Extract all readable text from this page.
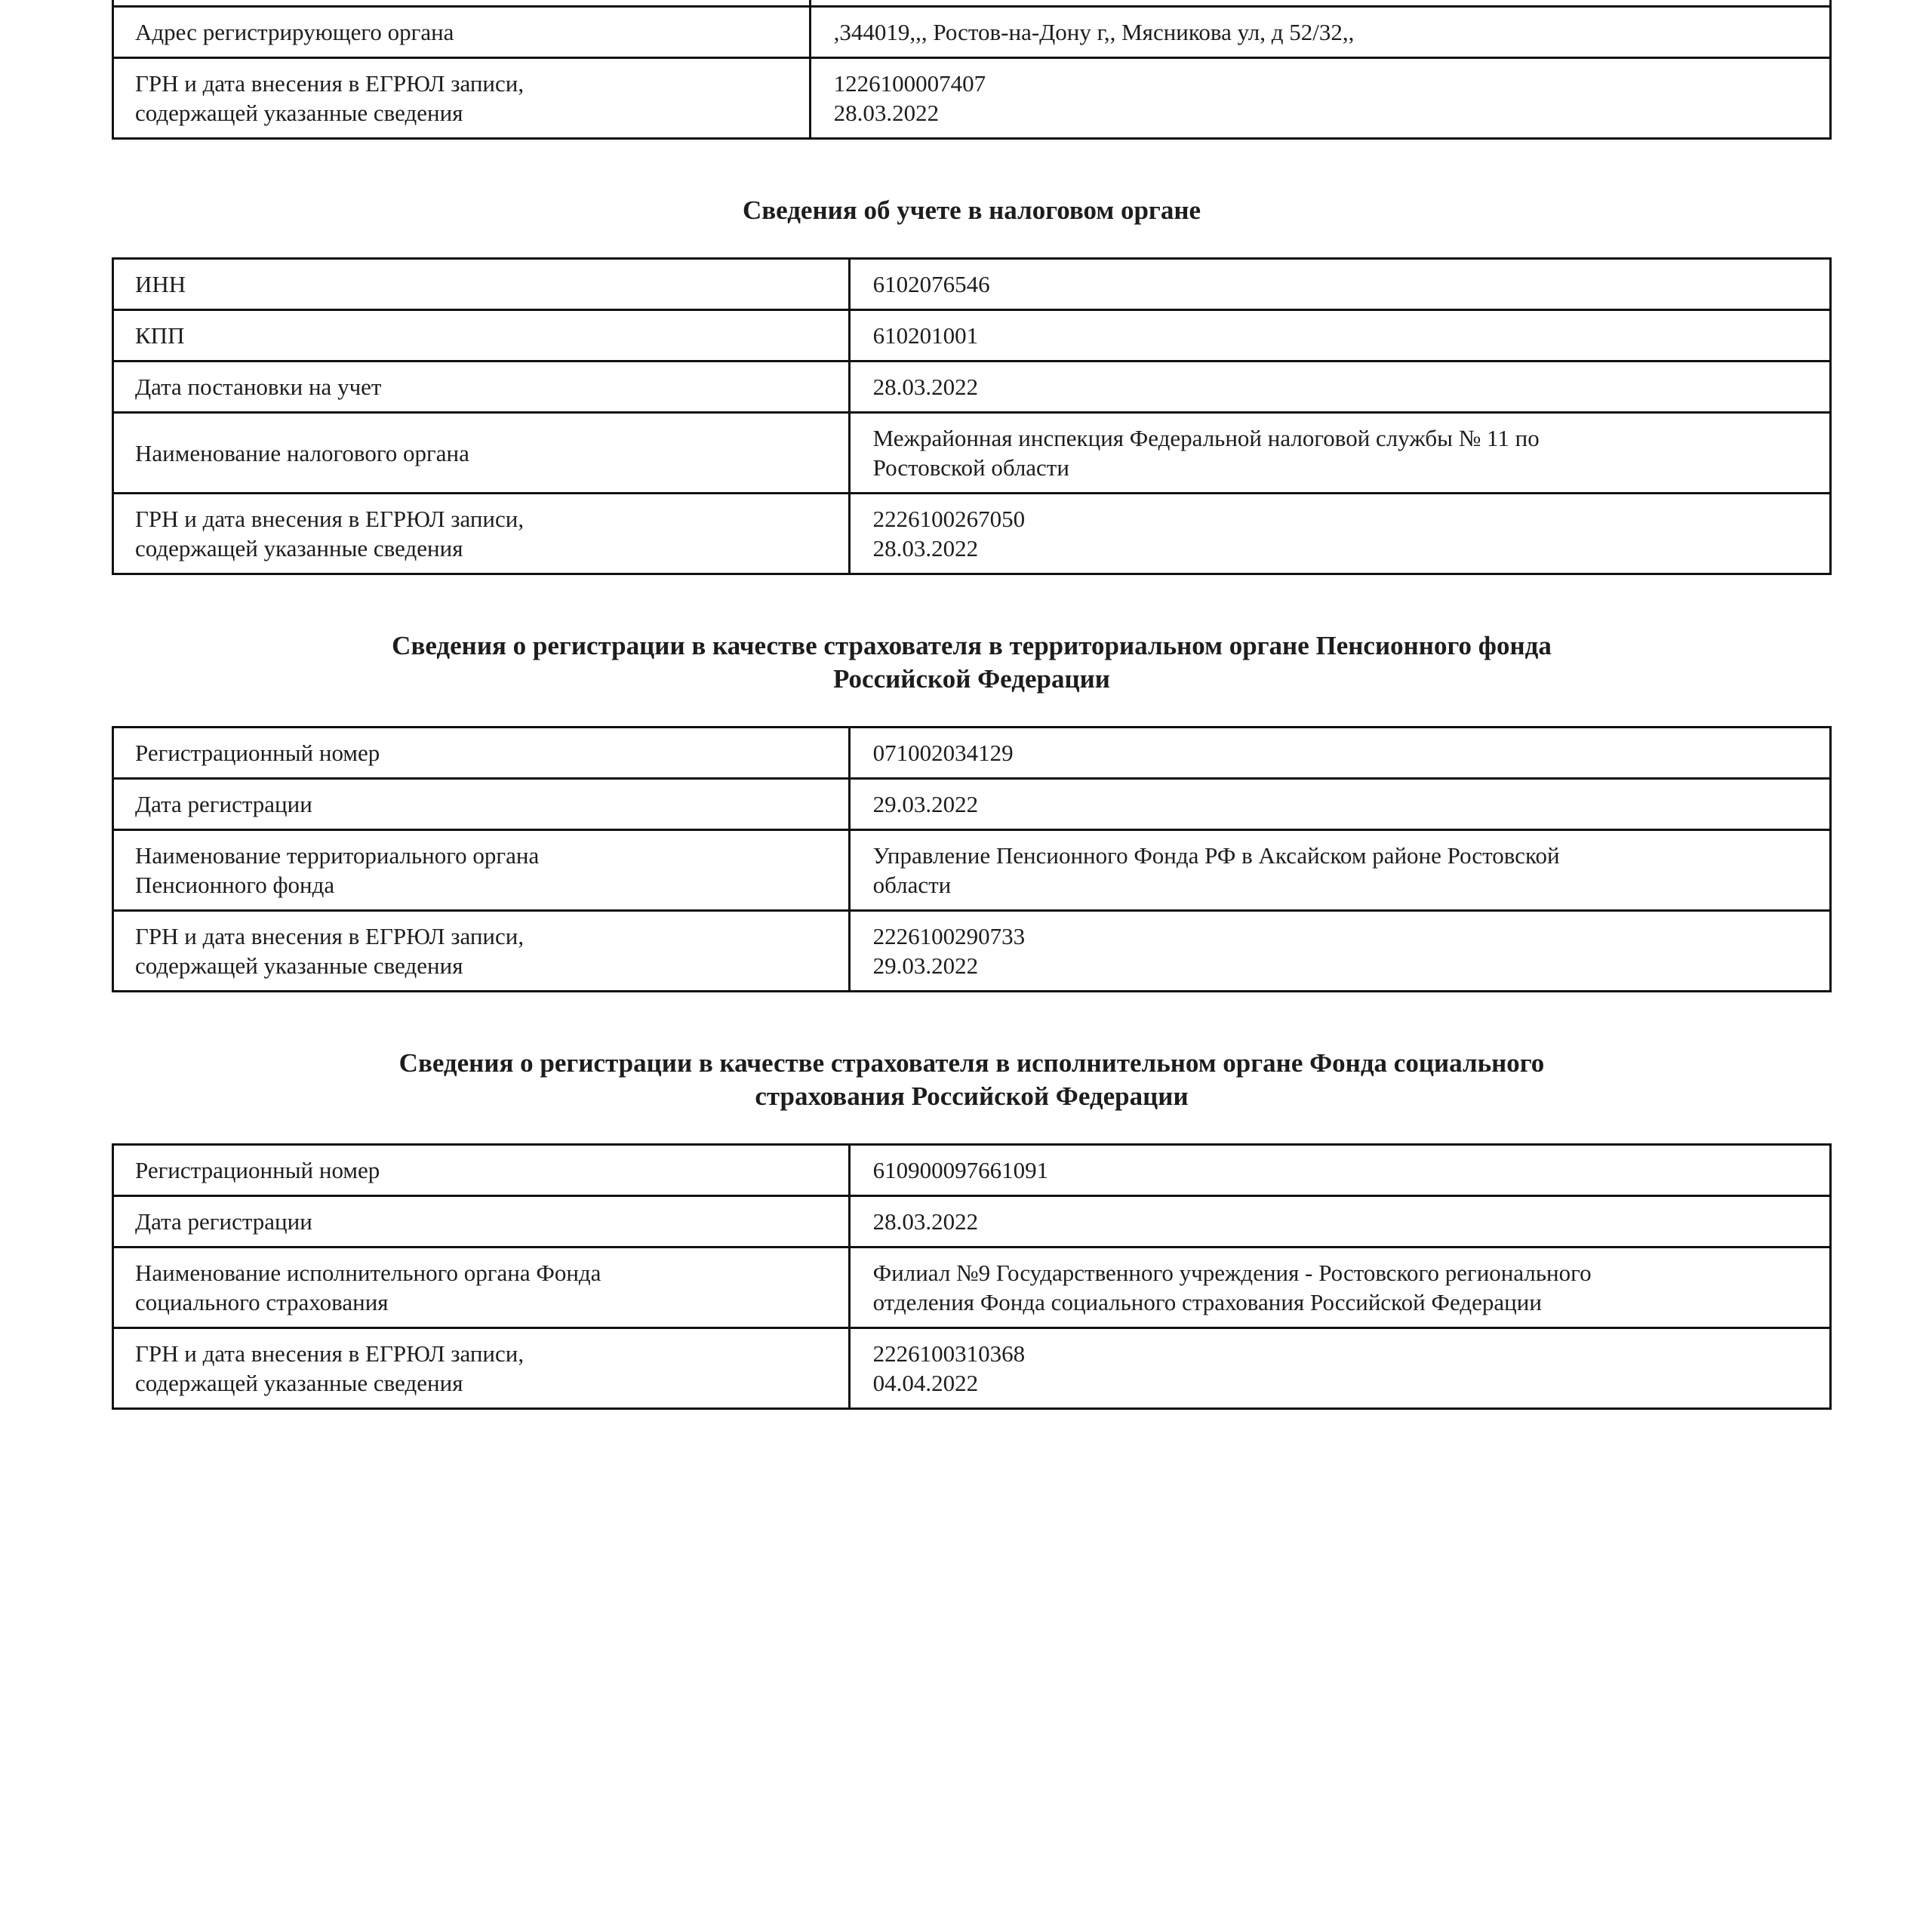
Адрес регистрирующего органа	,344019,,, Ростов-на-Дону г,, Мясникова ул, д 52/32,,

ГРН и дата внесения в ЕГРЮЛ записи,
содержащей указанные сведения	1226100007407
28.03.2022
Сведения об учете в налоговом органе
ИНН	6102076546

КПП	610201001

Дата постановки на учет	28.03.2022

Наименование налогового органа	Межрайонная инспекция Федеральной налоговой службы № 11 по
Ростовской области

ГРН и дата внесения в ЕГРЮЛ записи,
содержащей указанные сведения	2226100267050
28.03.2022
Сведения о регистрации в качестве страхователя в территориальном органе Пенсионного фонда
Российской Федерации
Регистрационный номер	071002034129

Дата регистрации	29.03.2022

Наименование территориального органа
Пенсионного фонда	Управление Пенсионного Фонда РФ в Аксайском районе Ростовской
области

ГРН и дата внесения в ЕГРЮЛ записи,
содержащей указанные сведения	2226100290733
29.03.2022
Сведения о регистрации в качестве страхователя в исполнительном органе Фонда социального
страхования Российской Федерации
Регистрационный номер	610900097661091

Дата регистрации	28.03.2022

Наименование исполнительного органа Фонда
социального страхования	Филиал №9 Государственного учреждения - Ростовского регионального
отделения Фонда социального страхования Российской Федерации

ГРН и дата внесения в ЕГРЮЛ записи,
содержащей указанные сведения	2226100310368
04.04.2022
